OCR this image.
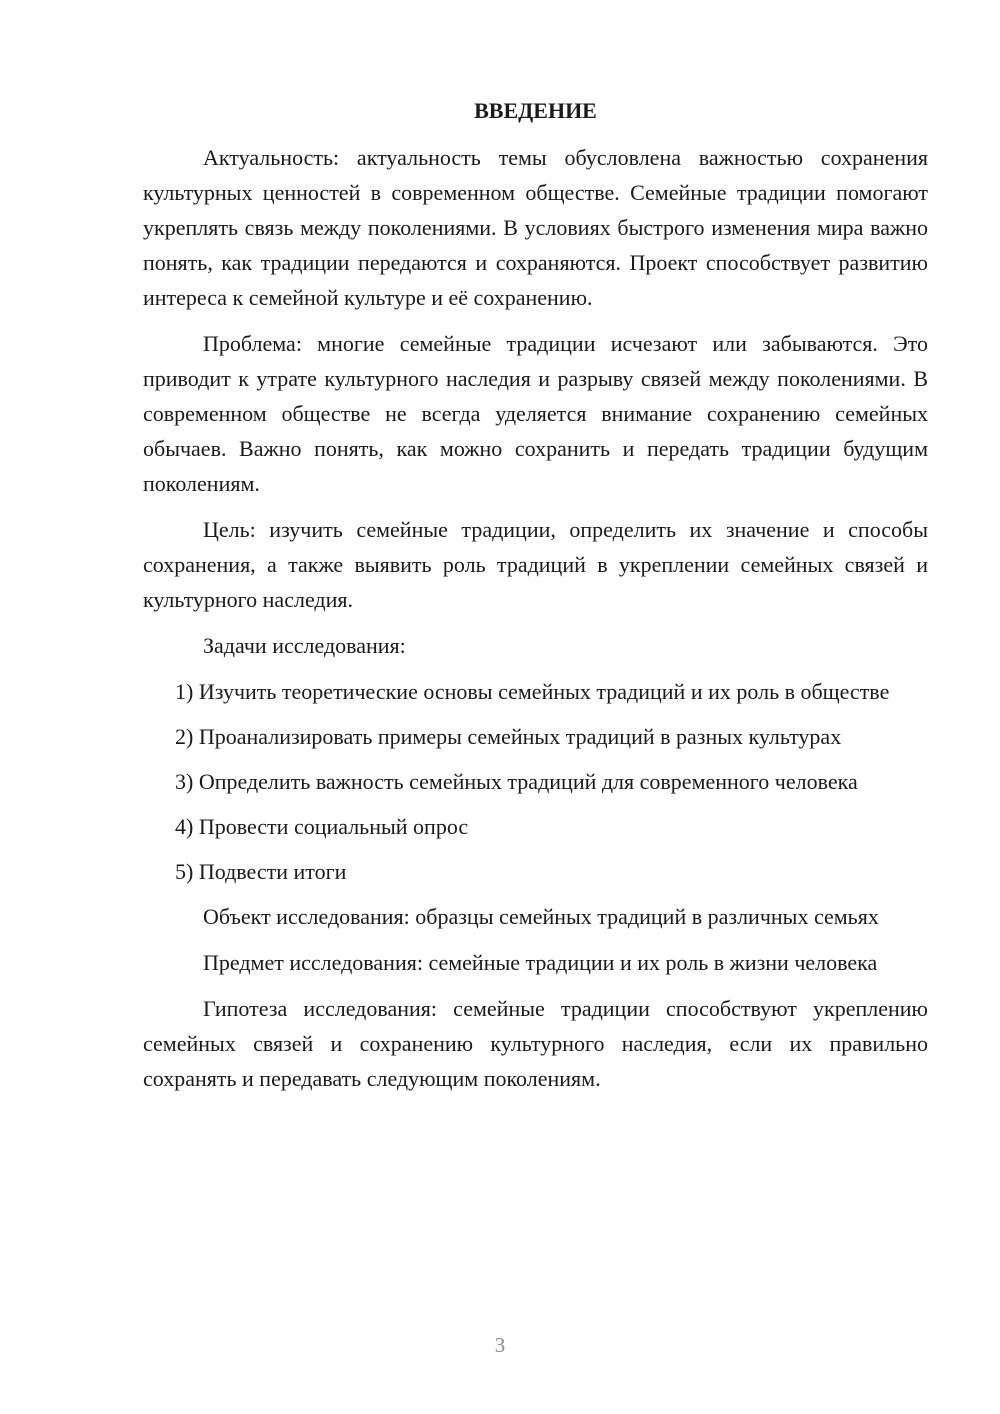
ВВЕДЕНИЕ

Актуальность: актуальность темы обусловлена важностью сохранения культурных ценностей в современном обществе. Семейные традиции помогают укреплять связь между поколениями. В условиях быстрого изменения мира важно понять, как традиции передаются и сохраняются. Проект способствует развитию интереса к семейной культуре и её сохранению.

Проблема: многие семейные традиции исчезают или забываются. Это приводит к утрате культурного наследия и разрыву связей между поколениями. В современном обществе не всегда уделяется внимание сохранению семейных обычаев. Важно понять, как можно сохранить и передать традиции будущим поколениям.

Цель: изучить семейные традиции, определить их значение и способы сохранения, а также выявить роль традиций в укреплении семейных связей и культурного наследия.

Задачи исследования:

1) Изучить теоретические основы семейных традиций и их роль в обществе

2) Проанализировать примеры семейных традиций в разных культурах

3) Определить важность семейных традиций для современного человека

4) Провести социальный опрос

5) Подвести итоги

Объект исследования: образцы семейных традиций в различных семьях

Предмет исследования: семейные традиции и их роль в жизни человека

Гипотеза исследования: семейные традиции способствуют укреплению семейных связей и сохранению культурного наследия, если их правильно сохранять и передавать следующим поколениям.

3
